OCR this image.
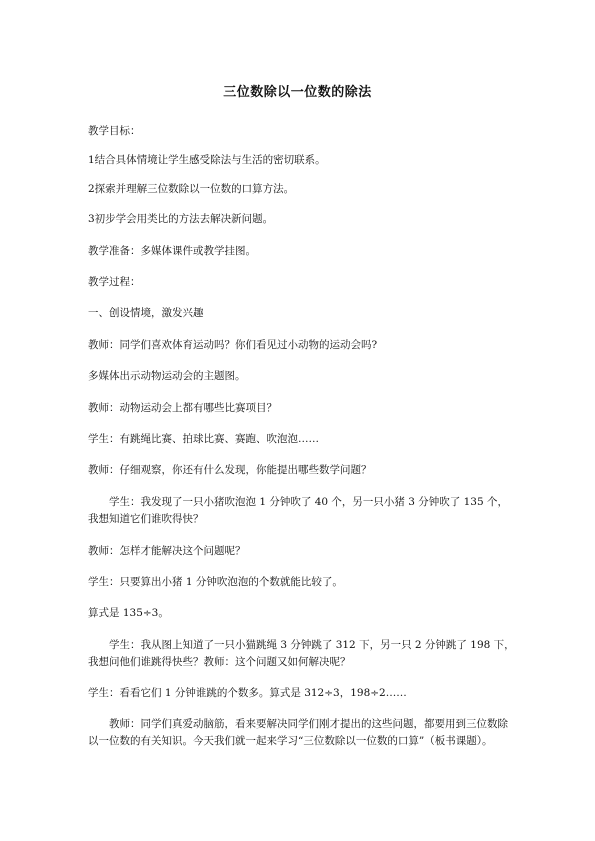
三位数除以一位数的除法
教学目标：
1结合具体情境让学生感受除法与生活的密切联系。
2探索并理解三位数除以一位数的口算方法。
3初步学会用类比的方法去解决新问题。
教学准备：多媒体课件或教学挂图。
教学过程：
一、创设情境，激发兴趣
教师：同学们喜欢体育运动吗？你们看见过小动物的运动会吗?
多媒体出示动物运动会的主题图。
教师：动物运动会上都有哪些比赛项目？
学生：有跳绳比赛、拍球比赛、赛跑、吹泡泡……
教师：仔细观察，你还有什么发现，你能提出哪些数学问题？
学生：我发现了一只小猪吹泡泡 1 分钟吹了 40 个，另一只小猪 3 分钟吹了 135 个，我想知道它们谁吹得快？
教师：怎样才能解决这个问题呢？
学生：只要算出小猪 1 分钟吹泡泡的个数就能比较了。
算式是 135÷3。
学生：我从图上知道了一只小猫跳绳 3 分钟跳了 312 下，另一只 2 分钟跳了 198 下，我想问他们谁跳得快些？教师：这个问题又如何解决呢？
学生：看看它们 1 分钟谁跳的个数多。算式是 312÷3，198÷2……
教师：同学们真爱动脑筋，看来要解决同学们刚才提出的这些问题，都要用到三位数除以一位数的有关知识。今天我们就一起来学习“三位数除以一位数的口算”（板书课题）。
